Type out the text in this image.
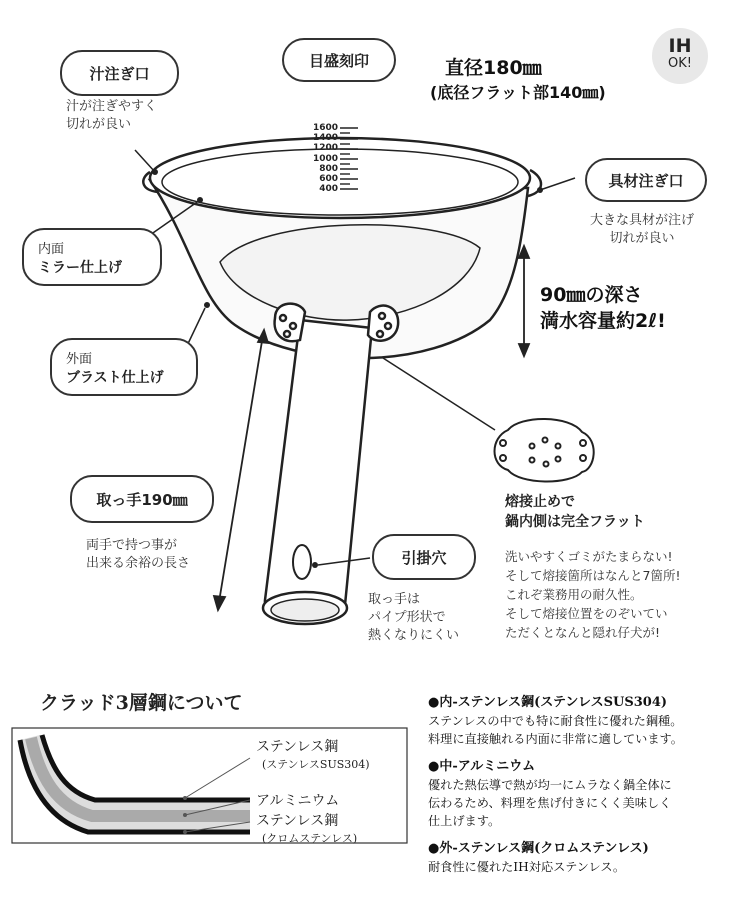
IH
OK!
直径180㎜
(底径フラット部140㎜)
汁注ぎ口
汁が注ぎやすく
切れが良い
目盛刻印
1600
1400
1200
1000
800
600
400	具材注ぎ口
大きな具材が注げ
切れが良い
内面
ミラー仕上げ
外面
ブラスト仕上げ
90㎜の深さ
満水容量約2ℓ!
取っ手190㎜
両手で持つ事が
出来る余裕の長さ	引掛穴
取っ手は
パイプ形状で
熱くなりにくい
熔接止めで
鍋内側は完全フラット
洗いやすくゴミがたまらない!
そして熔接箇所はなんと7箇所!
これぞ業務用の耐久性。
そして熔接位置をのぞいてい
ただくとなんと隠れ仔犬が!
クラッド3層鋼について
ステンレス鋼
(ステンレスSUS304)
アルミニウム
ステンレス鋼
(クロムステンレス)
●内-ステンレス鋼(ステンレスSUS304)
ステンレスの中でも特に耐食性に優れた鋼種。
料理に直接触れる内面に非常に適しています。
●中-アルミニウム
優れた熱伝導で熱が均一にムラなく鍋全体に
伝わるため、料理を焦げ付きにくく美味しく
仕上げます。
●外-ステンレス鋼(クロムステンレス)
耐食性に優れたIH対応ステンレス。
